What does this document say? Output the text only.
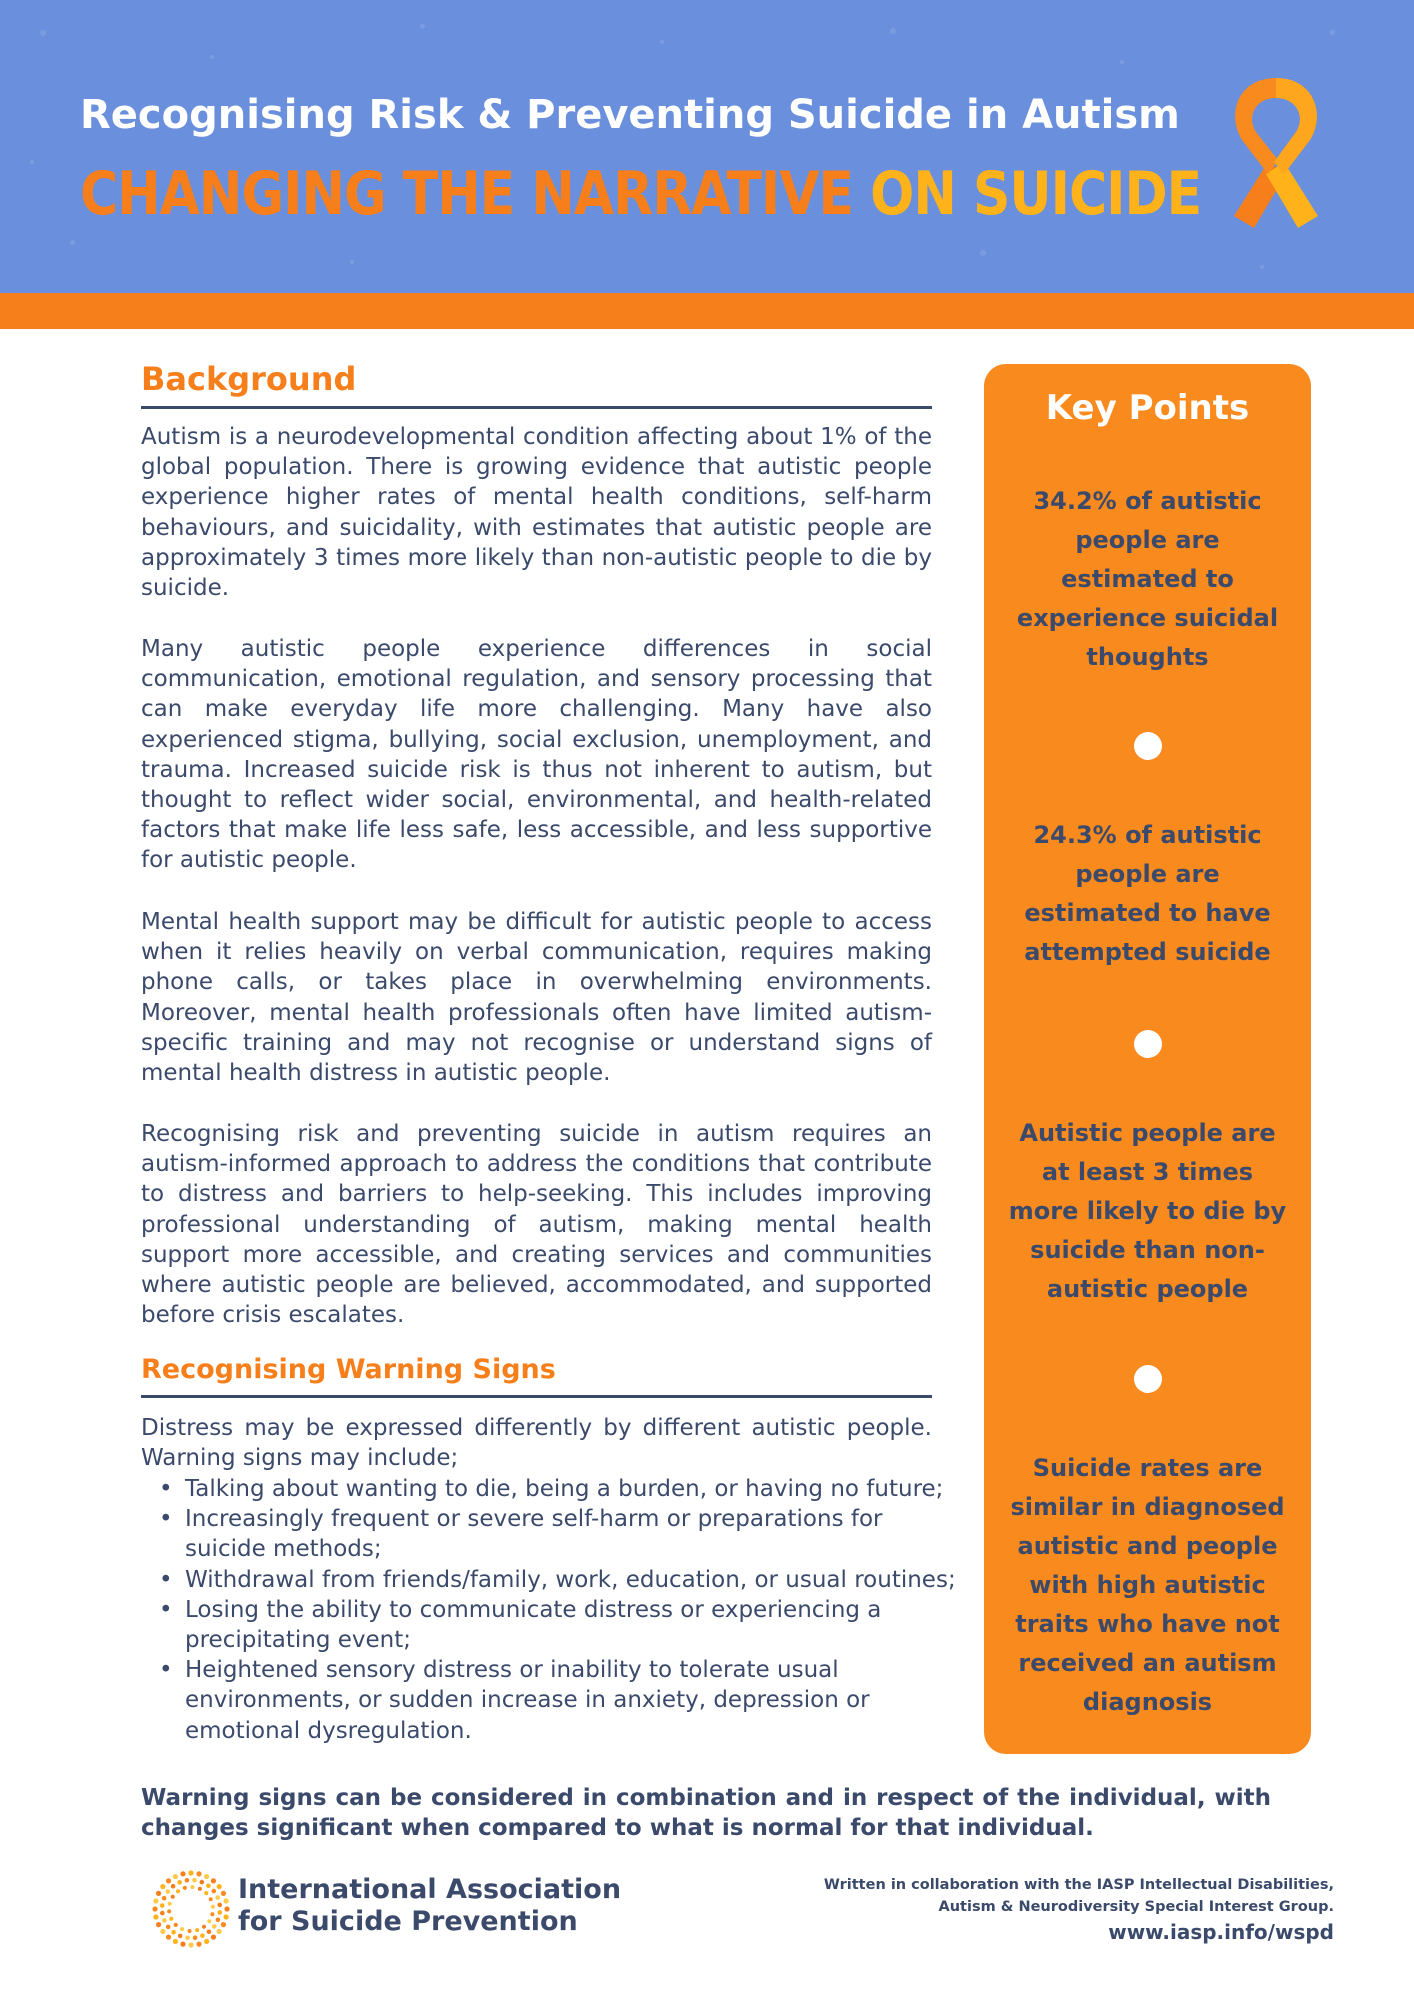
Recognising Risk & Preventing Suicide in Autism
CHANGING THE NARRATIVE ON SUICIDE
Background

Autism is a neurodevelopmental condition affecting about 1% of the global population. There is growing evidence that autistic people experience higher rates of mental health conditions, self-harm behaviours, and suicidality, with estimates that autistic people are approximately 3 times more likely than non-autistic people to die by suicide.

Many autistic people experience differences in social communication, emotional regulation, and sensory processing that can make everyday life more challenging. Many have also experienced stigma, bullying, social exclusion, unemployment, and trauma. Increased suicide risk is thus not inherent to autism, but thought to reflect wider social, environmental, and health-related factors that make life less safe, less accessible, and less supportive for autistic people.

Mental health support may be difficult for autistic people to access when it relies heavily on verbal communication, requires making phone calls, or takes place in overwhelming environments. Moreover, mental health professionals often have limited autism-specific training and may not recognise or understand signs of mental health distress in autistic people.

Recognising risk and preventing suicide in autism requires an autism-informed approach to address the conditions that contribute to distress and barriers to help-seeking. This includes improving professional understanding of autism, making mental health support more accessible, and creating services and communities where autistic people are believed, accommodated, and supported before crisis escalates.

Recognising Warning Signs

Distress may be expressed differently by different autistic people. Warning signs may include;

• Talking about wanting to die, being a burden, or having no future;
• Increasingly frequent or severe self-harm or preparations for suicide methods;
• Withdrawal from friends/family, work, education, or usual routines;
• Losing the ability to communicate distress or experiencing a precipitating event;
• Heightened sensory distress or inability to tolerate usual environments, or sudden increase in anxiety, depression or emotional dysregulation.
Key Points
34.2% of autistic people are estimated to experience suicidal thoughts
24.3% of autistic people are estimated to have attempted suicide
Autistic people are at least 3 times more likely to die by suicide than non-autistic people
Suicide rates are similar in diagnosed autistic and people with high autistic traits who have not received an autism diagnosis

Warning signs can be considered in combination and in respect of the individual, with changes significant when compared to what is normal for that individual.

International Association
for Suicide Prevention
Written in collaboration with the IASP Intellectual Disabilities,
Autism & Neurodiversity Special Interest Group.
www.iasp.info/wspd
